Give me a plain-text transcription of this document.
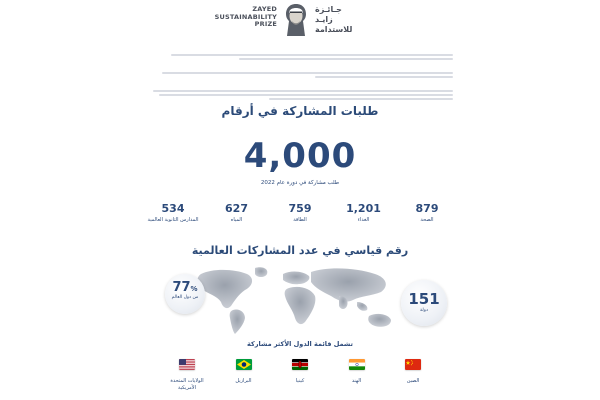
ZAYED
SUSTAINABILITY
PRIZE
جـائـزة
زايـد
للاستدامة

طلبات المشاركة في أرقام
4,000
طلب مشاركة في دورة عام 2022
534
المدارس الثانوية العالمية
627
المياه
759
الطاقة
1,201
الغذاء
879
الصحة
رقم قياسي في عدد المشاركات العالمية
77%
من دول العالم	151
دولة
تشمل قائمة الدول الأكثر مشاركة
الصين
الهند
كينيا
البرازيل
الولايات المتحدة الأمريكية
